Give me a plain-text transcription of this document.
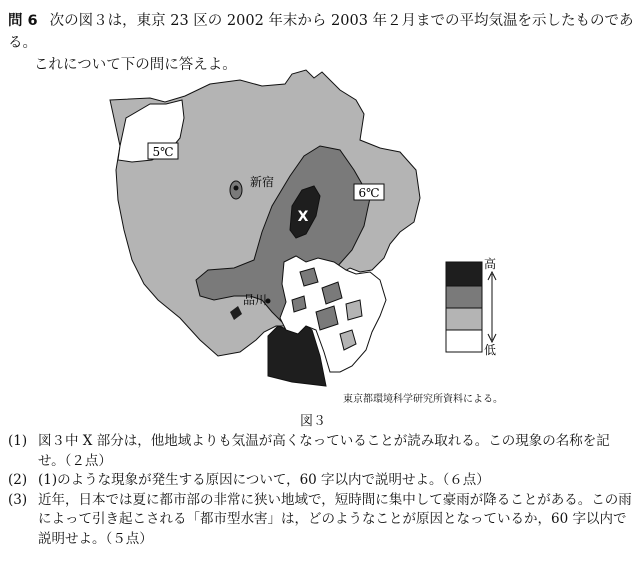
問 6 次の図３は，東京 23 区の 2002 年末から 2003 年２月までの平均気温を示したものである。
これについて下の問に答えよ。
5℃
6℃
新宿
品川
X
高
低
東京都環境科学研究所資料による。
図３
(1) 図３中 X 部分は，他地域よりも気温が高くなっていることが読み取れる。この現象の名称を記せ。（２点）
(2) (1)のような現象が発生する原因について，60 字以内で説明せよ。（６点）
(3) 近年，日本では夏に都市部の非常に狭い地域で，短時間に集中して豪雨が降ることがある。この雨によって引き起こされる「都市型水害」は，どのようなことが原因となっているか，60 字以内で説明せよ。（５点）
